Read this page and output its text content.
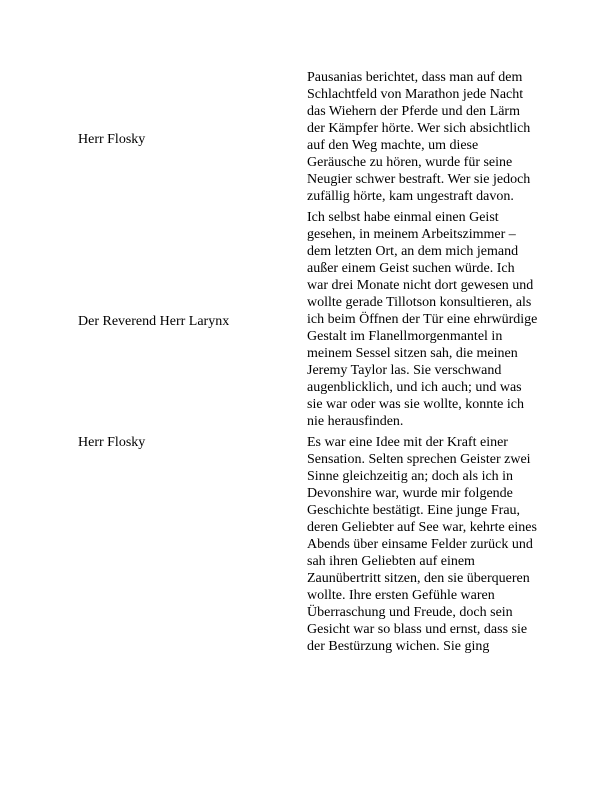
Herr Flosky	Pausanias berichtet, dass man auf dem Schlachtfeld von Marathon jede Nacht das Wiehern der Pferde und den Lärm der Kämpfer hörte. Wer sich absichtlich auf den Weg machte, um diese Geräusche zu hören, wurde für seine Neugier schwer bestraft. Wer sie jedoch zufällig hörte, kam ungestraft davon.

Der Reverend Herr Larynx	Ich selbst habe einmal einen Geist gesehen, in meinem Arbeitszimmer – dem letzten Ort, an dem mich jemand außer einem Geist suchen würde. Ich war drei Monate nicht dort gewesen und wollte gerade Tillotson konsultieren, als ich beim Öffnen der Tür eine ehrwürdige Gestalt im Flanellmorgenmantel in meinem Sessel sitzen sah, die meinen Jeremy Taylor las. Sie verschwand augenblicklich, und ich auch; und was sie war oder was sie wollte, konnte ich nie herausfinden.

Herr Flosky	Es war eine Idee mit der Kraft einer Sensation. Selten sprechen Geister zwei Sinne gleichzeitig an; doch als ich in Devonshire war, wurde mir folgende Geschichte bestätigt. Eine junge Frau, deren Geliebter auf See war, kehrte eines Abends über einsame Felder zurück und sah ihren Geliebten auf einem Zaunübertritt sitzen, den sie überqueren wollte. Ihre ersten Gefühle waren Überraschung und Freude, doch sein Gesicht war so blass und ernst, dass sie der Bestürzung wichen. Sie ging
